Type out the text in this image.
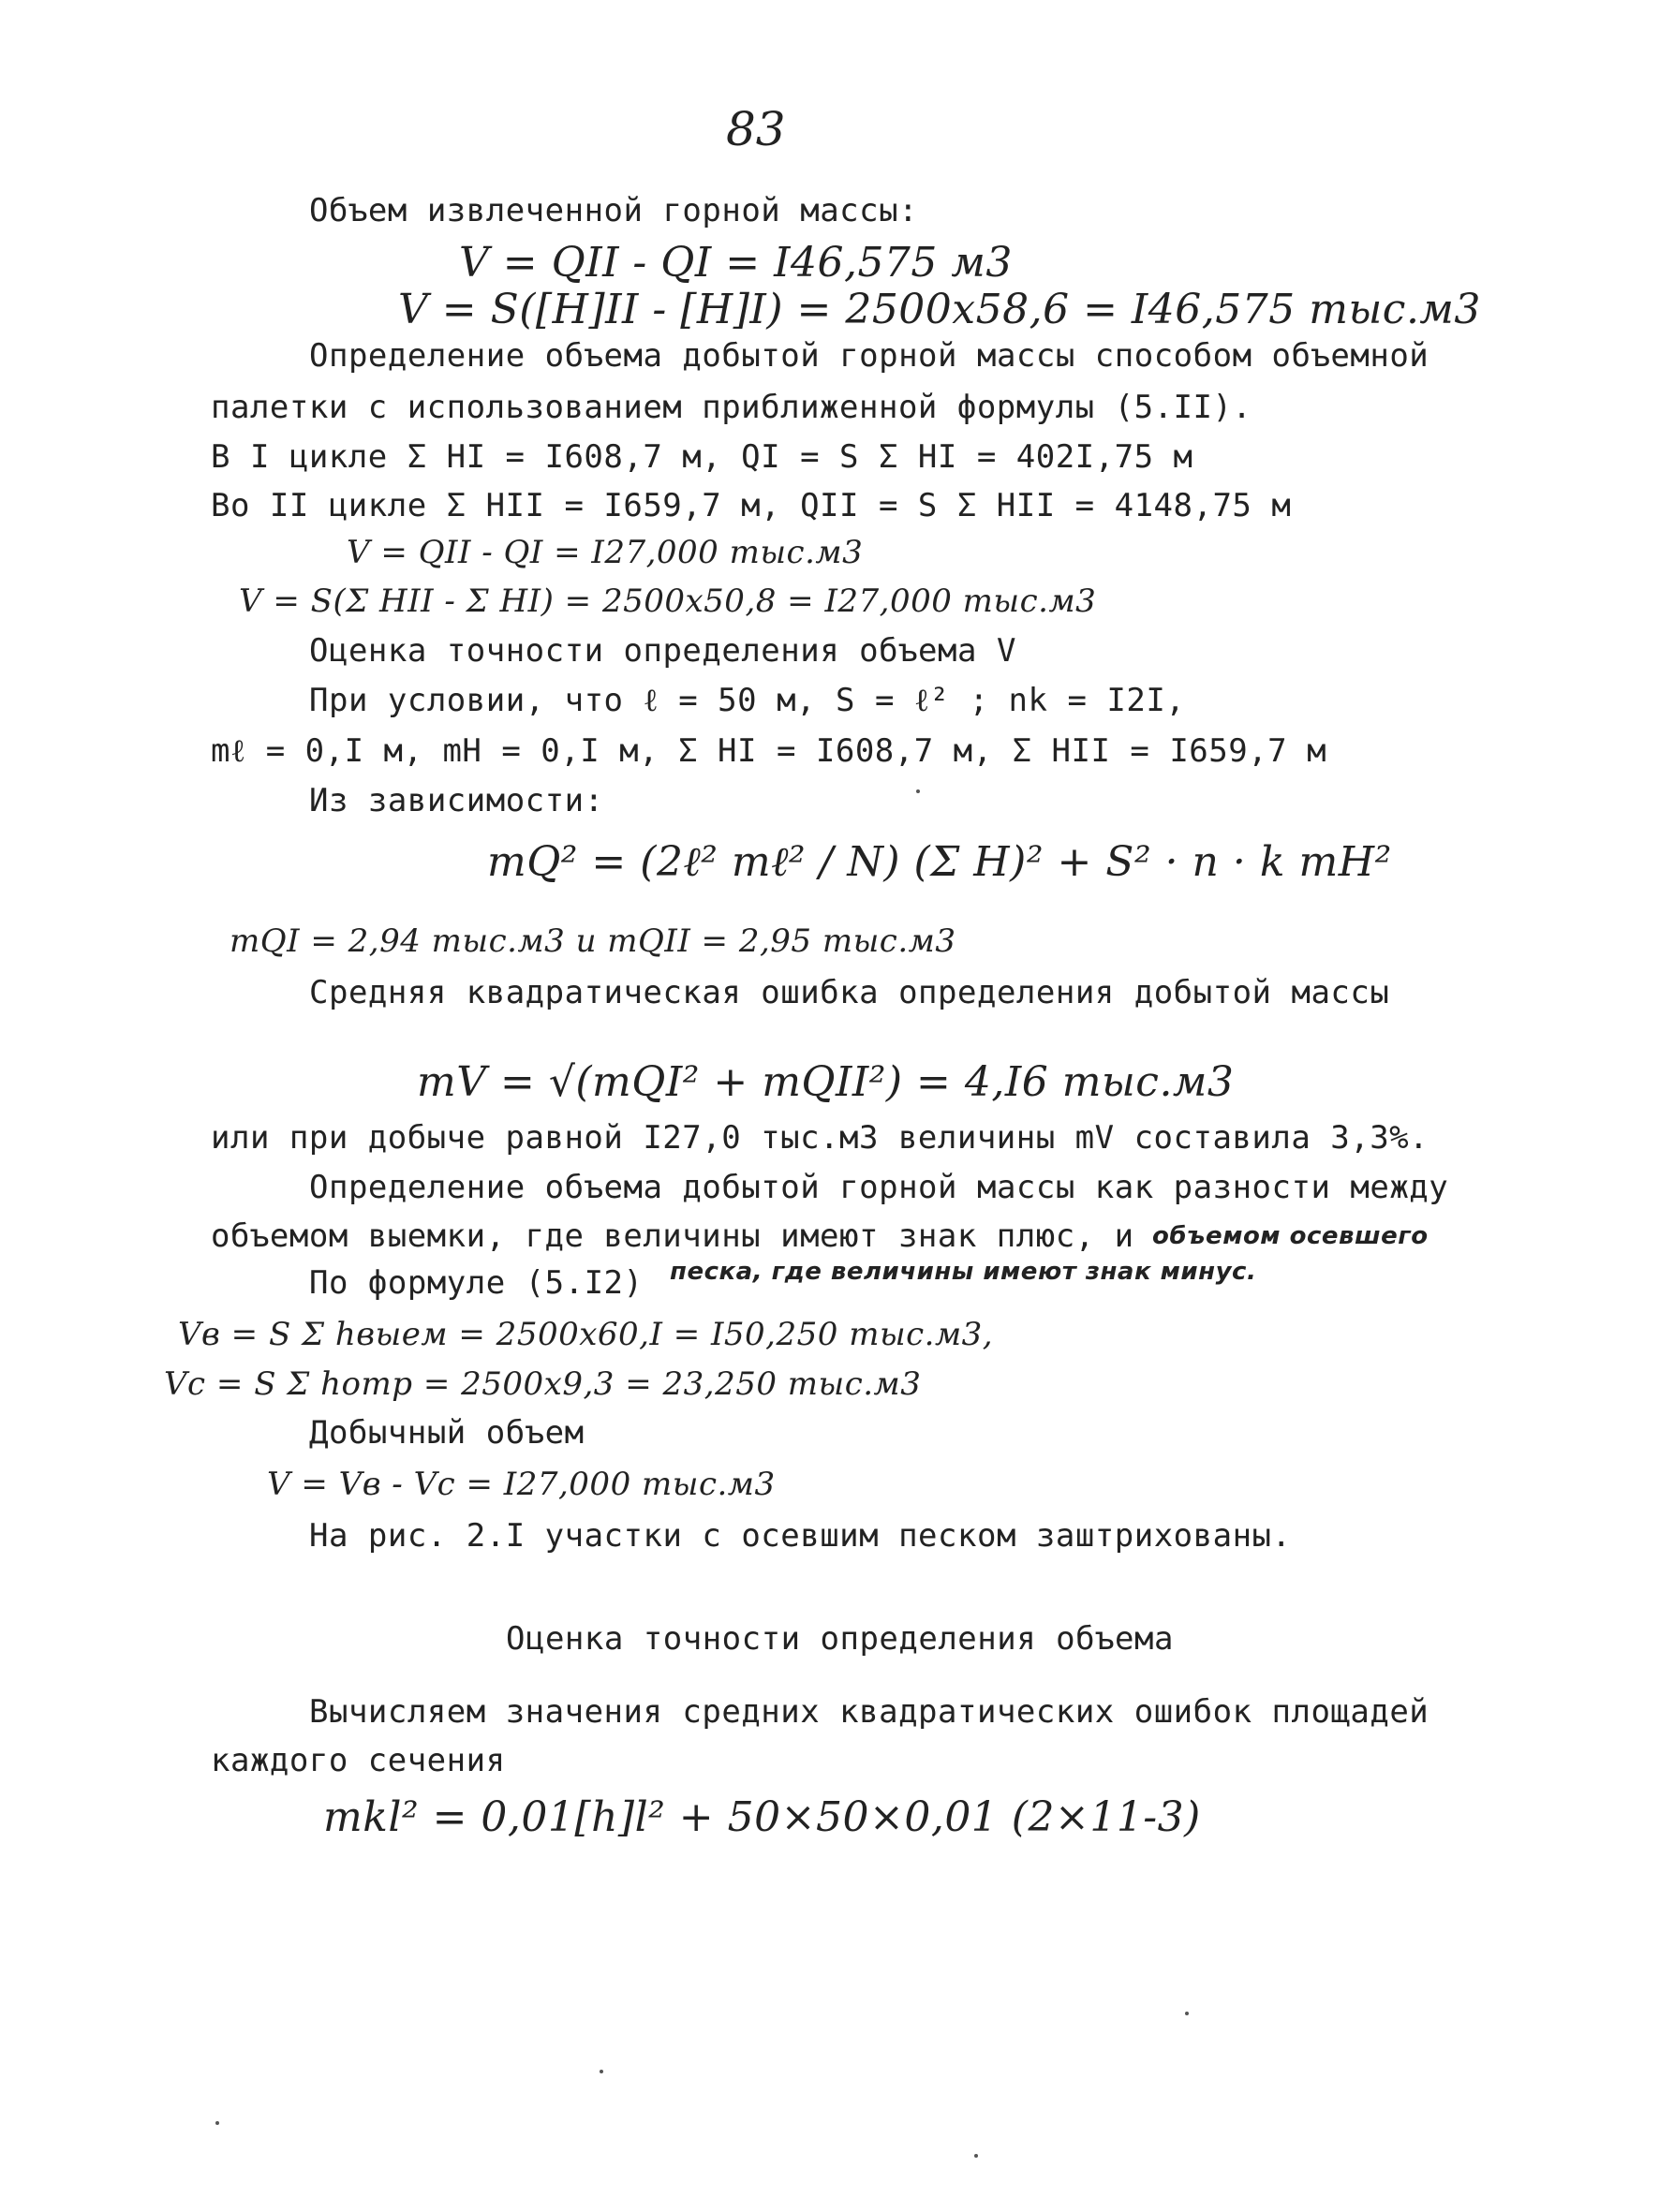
83
Объем извлеченной горной массы:
V = QII - QI = I46,575 м3
V = S([H]II - [H]I) = 2500x58,6 = I46,575 тыс.м3
Определение объема добытой горной массы способом объемной
палетки с использованием приближенной формулы (5.II).
В I цикле Σ HI = I608,7 м, QI = S Σ HI = 402I,75 м
Во II цикле Σ HII = I659,7 м, QII = S Σ HII = 4148,75 м
V = QII - QI = I27,000 тыс.м3
V = S(Σ HII - Σ HI) = 2500x50,8 = I27,000 тыс.м3
Оценка точности определения объема V
При условии, что ℓ = 50 м, S = ℓ² ; nk = I2I,
mℓ = 0,I м, mH = 0,I м, Σ HI = I608,7 м, Σ HII = I659,7 м
Из зависимости:
mQ² = (2ℓ² mℓ² / N) (Σ H)² + S² · n · k mH²
mQI = 2,94 тыс.м3 и mQII = 2,95 тыс.м3
Средняя квадратическая ошибка определения добытой массы
mV = √(mQI² + mQII²) = 4,I6 тыс.м3
или при добыче равной I27,0 тыс.м3 величины mV составила 3,3%.
Определение объема добытой горной массы как разности между
объемом выемки, где величины имеют знак плюс, и объемом осевшего
песка, где величины имеют знак минус.
По формуле (5.I2)
Vв = S Σ hвыем = 2500x60,I = I50,250 тыс.м3,
Vс = S Σ hотр = 2500x9,3 = 23,250 тыс.м3
Добычный объем
V = Vв - Vс = I27,000 тыс.м3
На рис. 2.I участки с осевшим песком заштрихованы.
Оценка точности определения объема
Вычисляем значения средних квадратических ошибок площадей
каждого сечения
mkl² = 0,01[h]l² + 50×50×0,01 (2×11-3)
